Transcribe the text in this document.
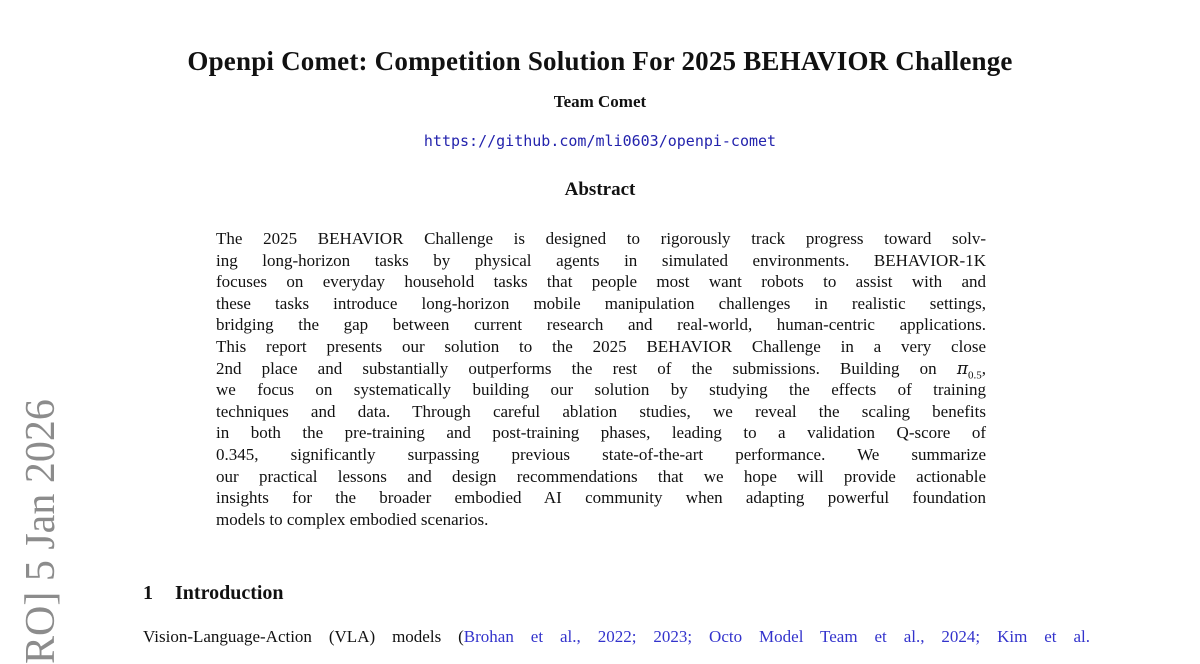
Openpi Comet: Competition Solution For 2025 BEHAVIOR Challenge
Team Comet
https://github.com/mli0603/openpi-comet
Abstract
The 2025 BEHAVIOR Challenge is designed to rigorously track progress toward solv-
ing long-horizon tasks by physical agents in simulated environments. BEHAVIOR-1K
focuses on everyday household tasks that people most want robots to assist with and
these tasks introduce long-horizon mobile manipulation challenges in realistic settings,
bridging the gap between current research and real-world, human-centric applications.
This report presents our solution to the 2025 BEHAVIOR Challenge in a very close
2nd place and substantially outperforms the rest of the submissions. Building on $\pi_{0.5}$,
we focus on systematically building our solution by studying the effects of training
techniques and data. Through careful ablation studies, we reveal the scaling benefits
in both the pre-training and post-training phases, leading to a validation Q-score of
0.345, significantly surpassing previous state-of-the-art performance. We summarize
our practical lessons and design recommendations that we hope will provide actionable
insights for the broader embodied AI community when adapting powerful foundation
models to complex embodied scenarios.
1 Introduction
Vision-Language-Action (VLA) models (Brohan et al., 2022; 2023; Octo Model Team et al., 2024; Kim et al.
RO] 5 Jan 2026
